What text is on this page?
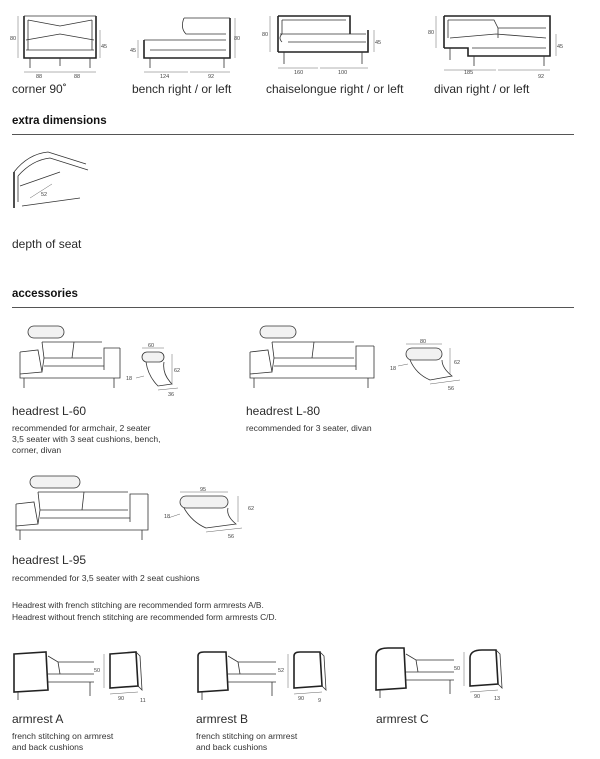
80
45
88	88
corner 90˚
45
80
124	92
bench right / or left
80
45
160	100
chaiselongue right / or left
80
45
185
92
divan right / or left
extra dimensions
52
depth of seat
accessories
60
62
18
36
headrest L-60
recommended for armchair, 2 seater
3,5 seater with 3 seat cushions, bench,
corner, divan
80
62
18
56
headrest L-80
recommended for 3 seater, divan
95
62
18
56
headrest L-95
recommended for 3,5 seater with 2 seat cushions
Headrest with french stitching are recommended form armrests A/B.
Headrest without french stitching are recommended form armrests C/D.
50
90	11
armrest A
french stitching on armrest
and back cushions
52
90	9
armrest B
french stitching on armrest
and back cushions
50
90	13
armrest C
